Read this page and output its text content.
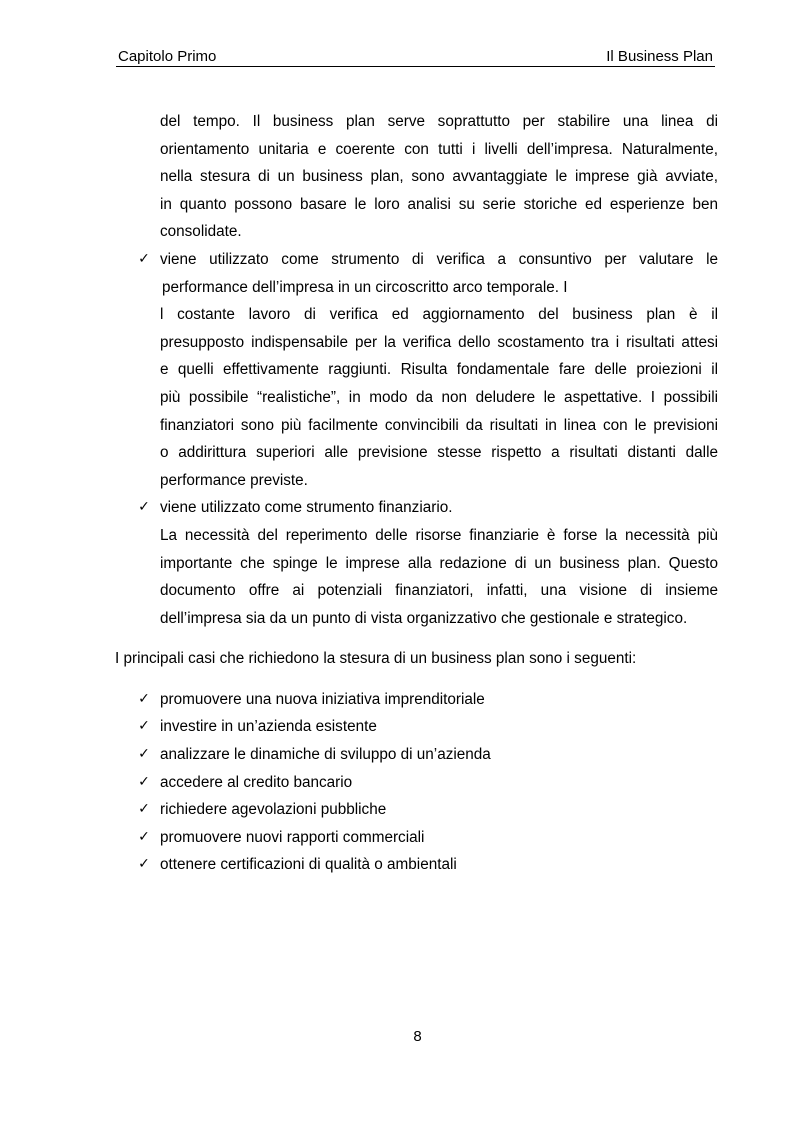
Capitolo Primo	Il Business Plan
del tempo. Il business plan serve soprattutto per stabilire una linea di
orientamento unitaria e coerente con tutti i livelli dell’impresa. Naturalmente,
nella stesura di un business plan, sono avvantaggiate le imprese già avviate,
in quanto possono basare le loro analisi su serie storiche ed esperienze ben
consolidate.
✓ viene utilizzato come strumento di verifica a consuntivo per valutare le
performance dell’impresa in un circoscritto arco temporale. I
l costante lavoro di verifica ed aggiornamento del business plan è il
presupposto indispensabile per la verifica dello scostamento tra i risultati attesi
e quelli effettivamente raggiunti. Risulta fondamentale fare delle proiezioni il
più possibile “realistiche”, in modo da non deludere le aspettative. I possibili
finanziatori sono più facilmente convincibili da risultati in linea con le previsioni
o addirittura superiori alle previsione stesse rispetto a risultati distanti dalle
performance previste.
✓ viene utilizzato come strumento finanziario.
La necessità del reperimento delle risorse finanziarie è forse la necessità più
importante che spinge le imprese alla redazione di un business plan. Questo
documento offre ai potenziali finanziatori, infatti, una visione di insieme
dell’impresa sia da un punto di vista organizzativo che gestionale e strategico.
I principali casi che richiedono la stesura di un business plan sono i seguenti:
✓ promuovere una nuova iniziativa imprenditoriale
✓ investire in un’azienda esistente
✓ analizzare le dinamiche di sviluppo di un’azienda
✓ accedere al credito bancario
✓ richiedere agevolazioni pubbliche
✓ promuovere nuovi rapporti commerciali
✓ ottenere certificazioni di qualità o ambientali
8
